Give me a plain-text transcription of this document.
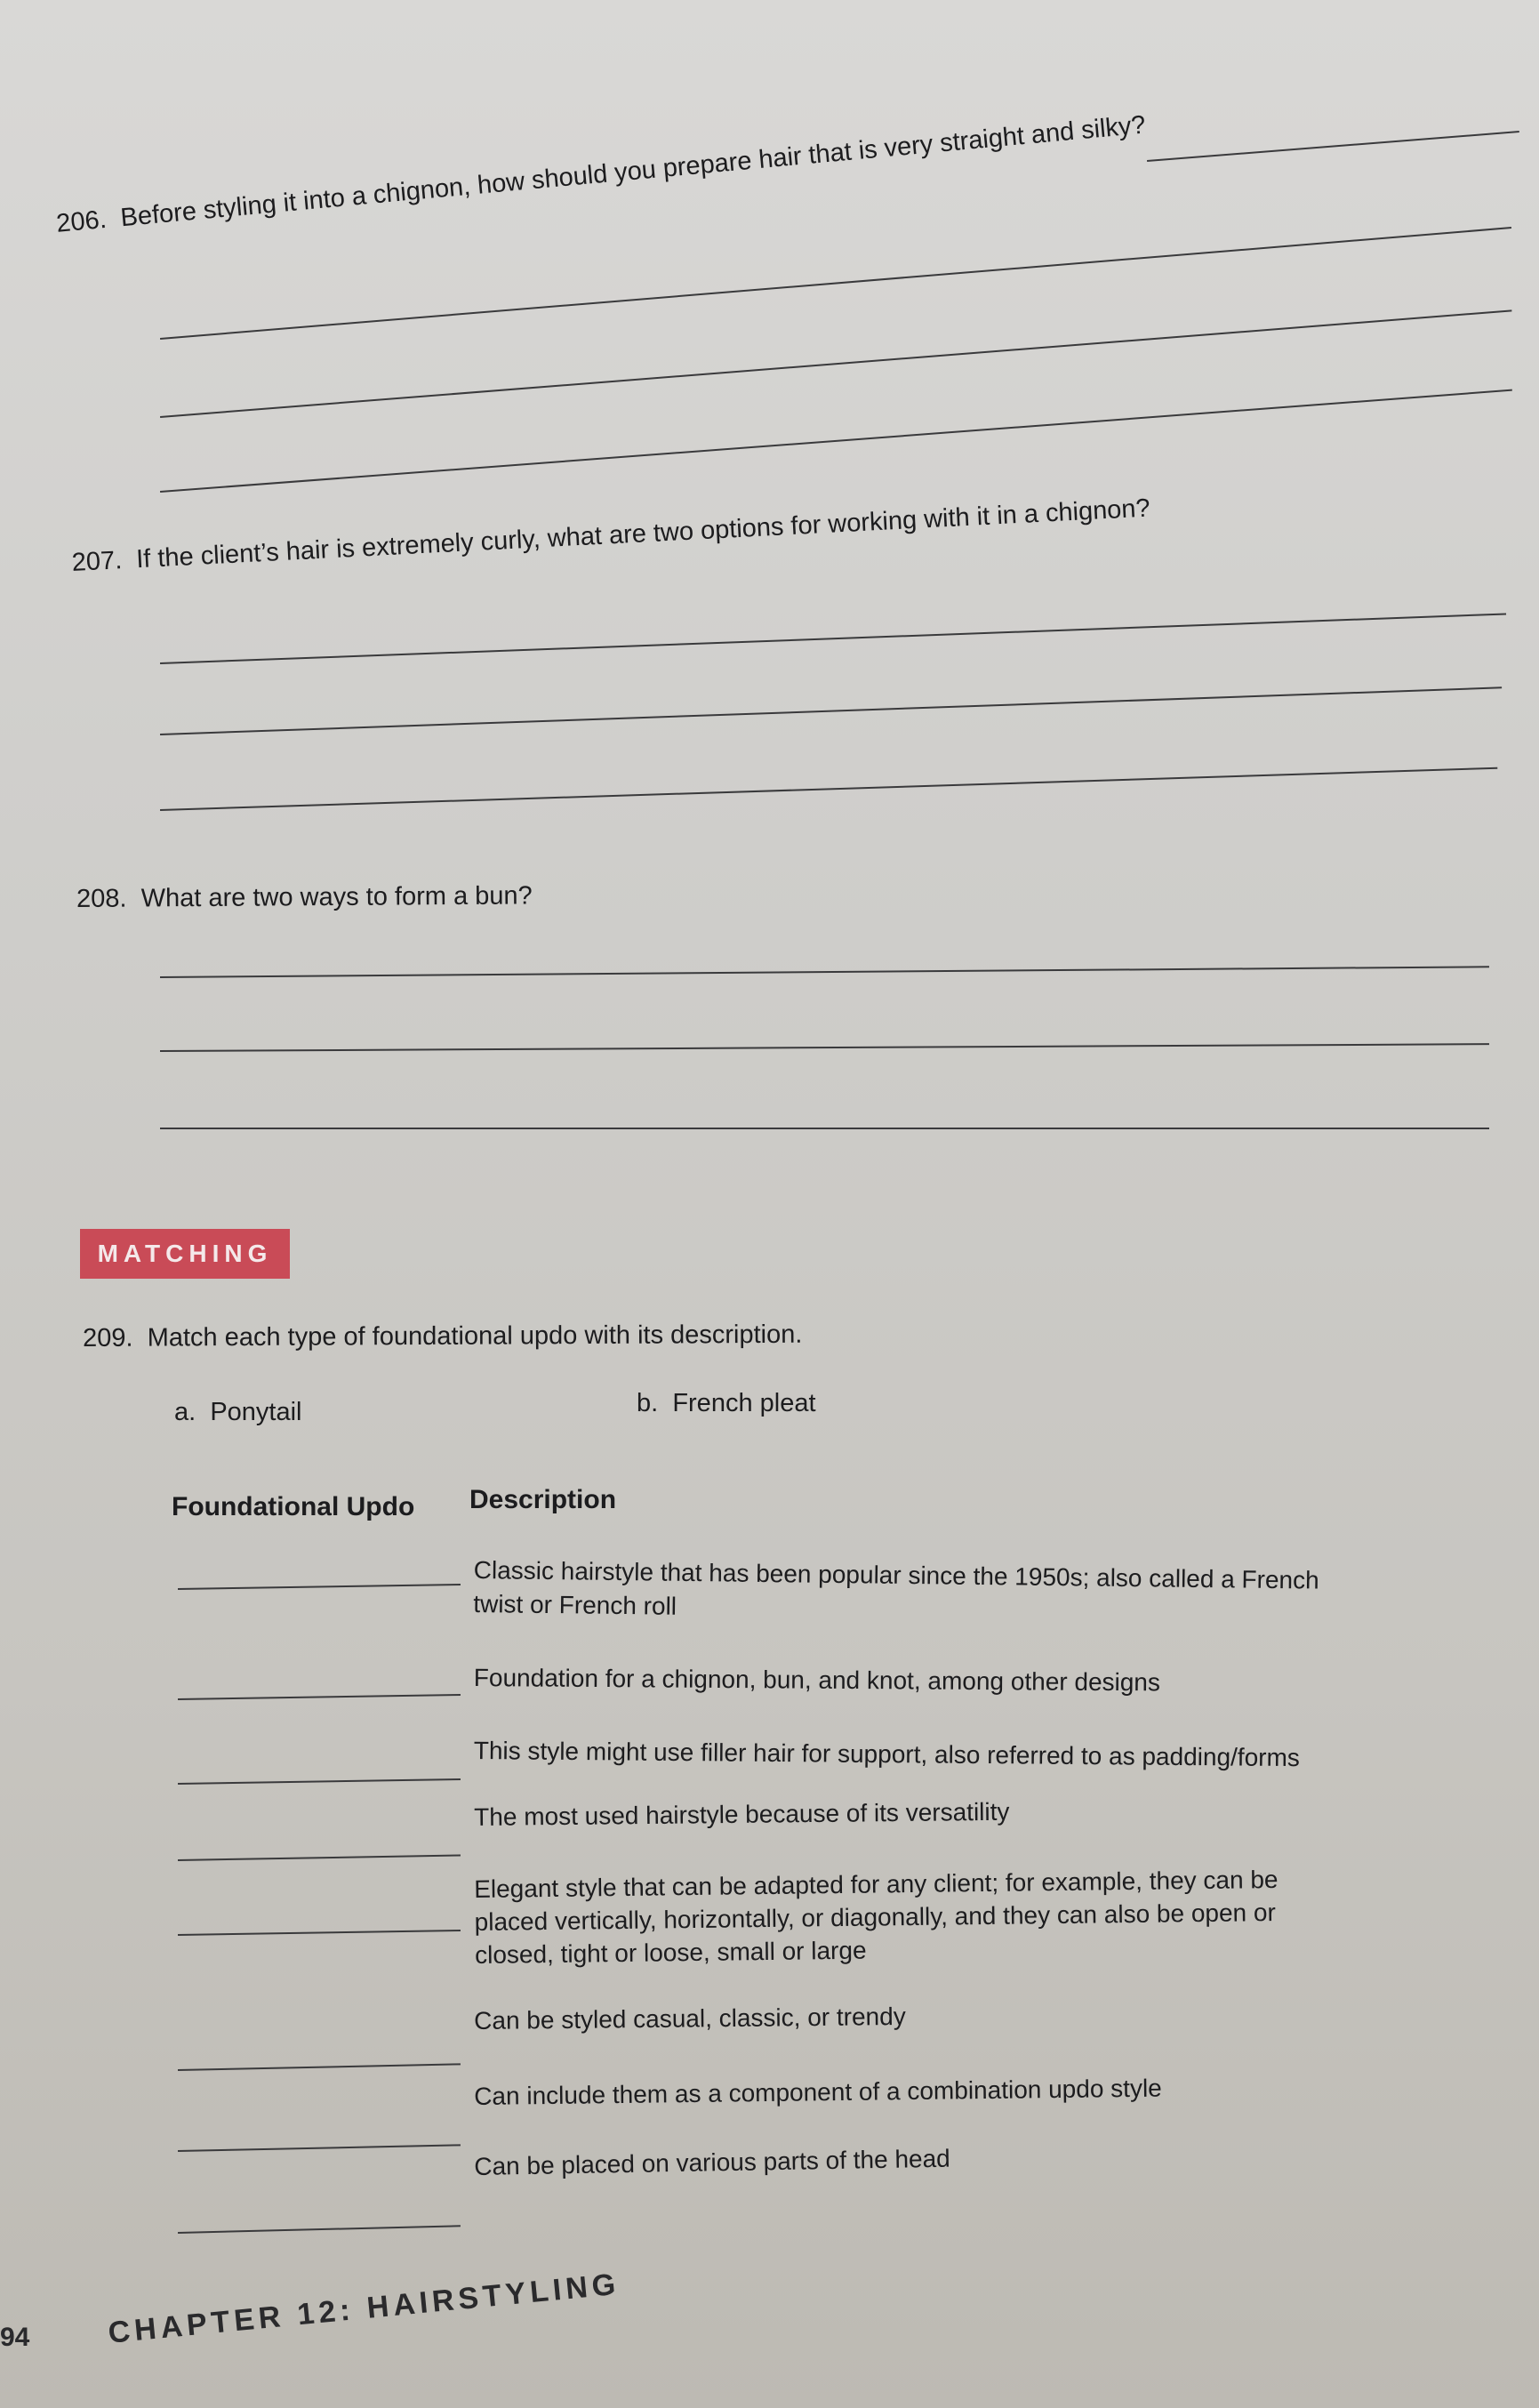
206. Before styling it into a chignon, how should you prepare hair that is very straight and silky?
207. If the client’s hair is extremely curly, what are two options for working with it in a chignon?
208. What are two ways to form a bun?
MATCHING
209. Match each type of foundational updo with its description.
a. Ponytail	b. French pleat
Foundational Updo Description
Classic hairstyle that has been popular since the 1950s; also called a French
twist or French roll
Foundation for a chignon, bun, and knot, among other designs
This style might use filler hair for support, also referred to as padding/forms
The most used hairstyle because of its versatility
Elegant style that can be adapted for any client; for example, they can be
placed vertically, horizontally, or diagonally, and they can also be open or
closed, tight or loose, small or large
Can be styled casual, classic, or trendy
Can include them as a component of a combination updo style
Can be placed on various parts of the head
94	CHAPTER 12: HAIRSTYLING
